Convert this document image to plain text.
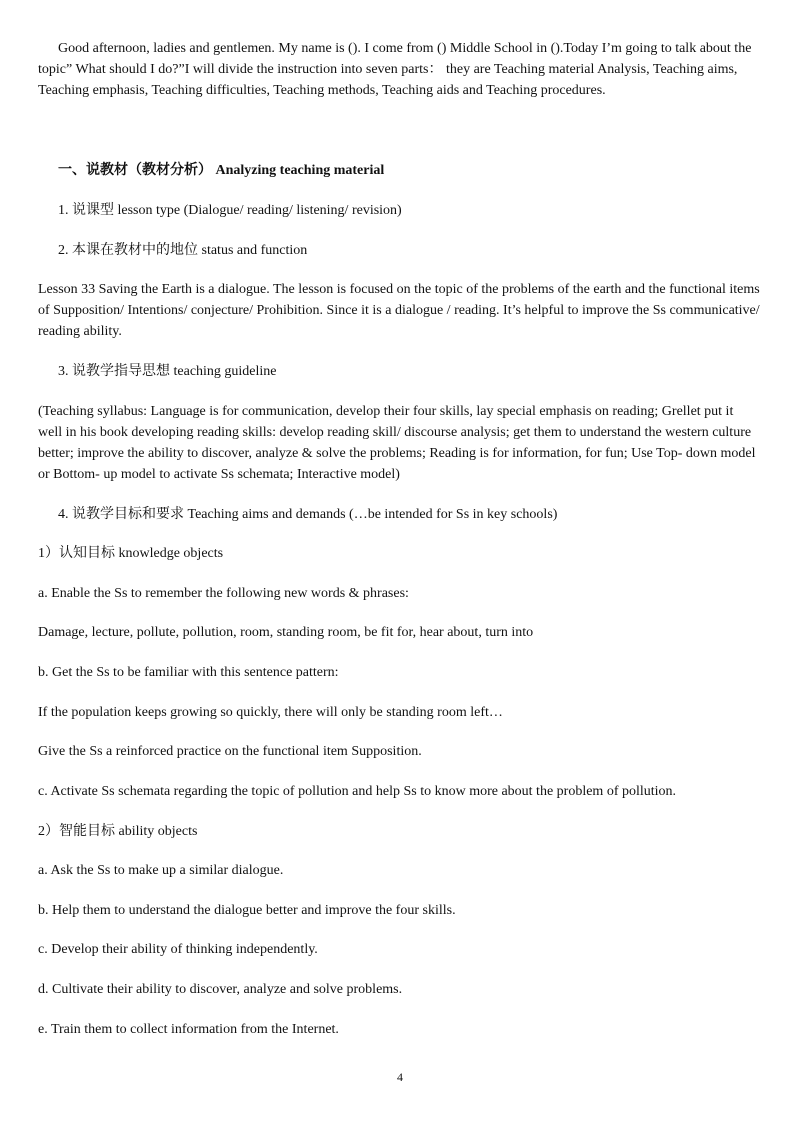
Good afternoon, ladies and gentlemen. My name is (). I come from () Middle School in ().Today I’m going to talk about the topic” What should I do?”I will divide the instruction into seven parts： they are Teaching material Analysis, Teaching aims, Teaching emphasis, Teaching difficulties, Teaching methods, Teaching aids and Teaching procedures.

一、说教材（教材分析） Analyzing teaching material

1. 说课型 lesson type (Dialogue/ reading/ listening/ revision)

2. 本课在教材中的地位 status and function

Lesson 33 Saving the Earth is a dialogue. The lesson is focused on the topic of the problems of the earth and the functional items of Supposition/ Intentions/ conjecture/ Prohibition. Since it is a dialogue / reading. It’s helpful to improve the Ss communicative/ reading ability.

3. 说教学指导思想 teaching guideline

(Teaching syllabus: Language is for communication, develop their four skills, lay special emphasis on reading; Grellet put it well in his book developing reading skills: develop reading skill/ discourse analysis; get them to understand the western culture better; improve the ability to discover, analyze & solve the problems; Reading is for information, for fun; Use Top- down model or Bottom- up model to activate Ss schemata; Interactive model)

4. 说教学目标和要求 Teaching aims and demands (…be intended for Ss in key schools)

1）认知目标 knowledge objects

a. Enable the Ss to remember the following new words & phrases:

Damage, lecture, pollute, pollution, room, standing room, be fit for, hear about, turn into

b. Get the Ss to be familiar with this sentence pattern:

If the population keeps growing so quickly, there will only be standing room left…

Give the Ss a reinforced practice on the functional item Supposition.

c. Activate Ss schemata regarding the topic of pollution and help Ss to know more about the problem of pollution.

2）智能目标 ability objects

a. Ask the Ss to make up a similar dialogue.

b. Help them to understand the dialogue better and improve the four skills.

c. Develop their ability of thinking independently.

d. Cultivate their ability to discover, analyze and solve problems.

e. Train them to collect information from the Internet.

4
